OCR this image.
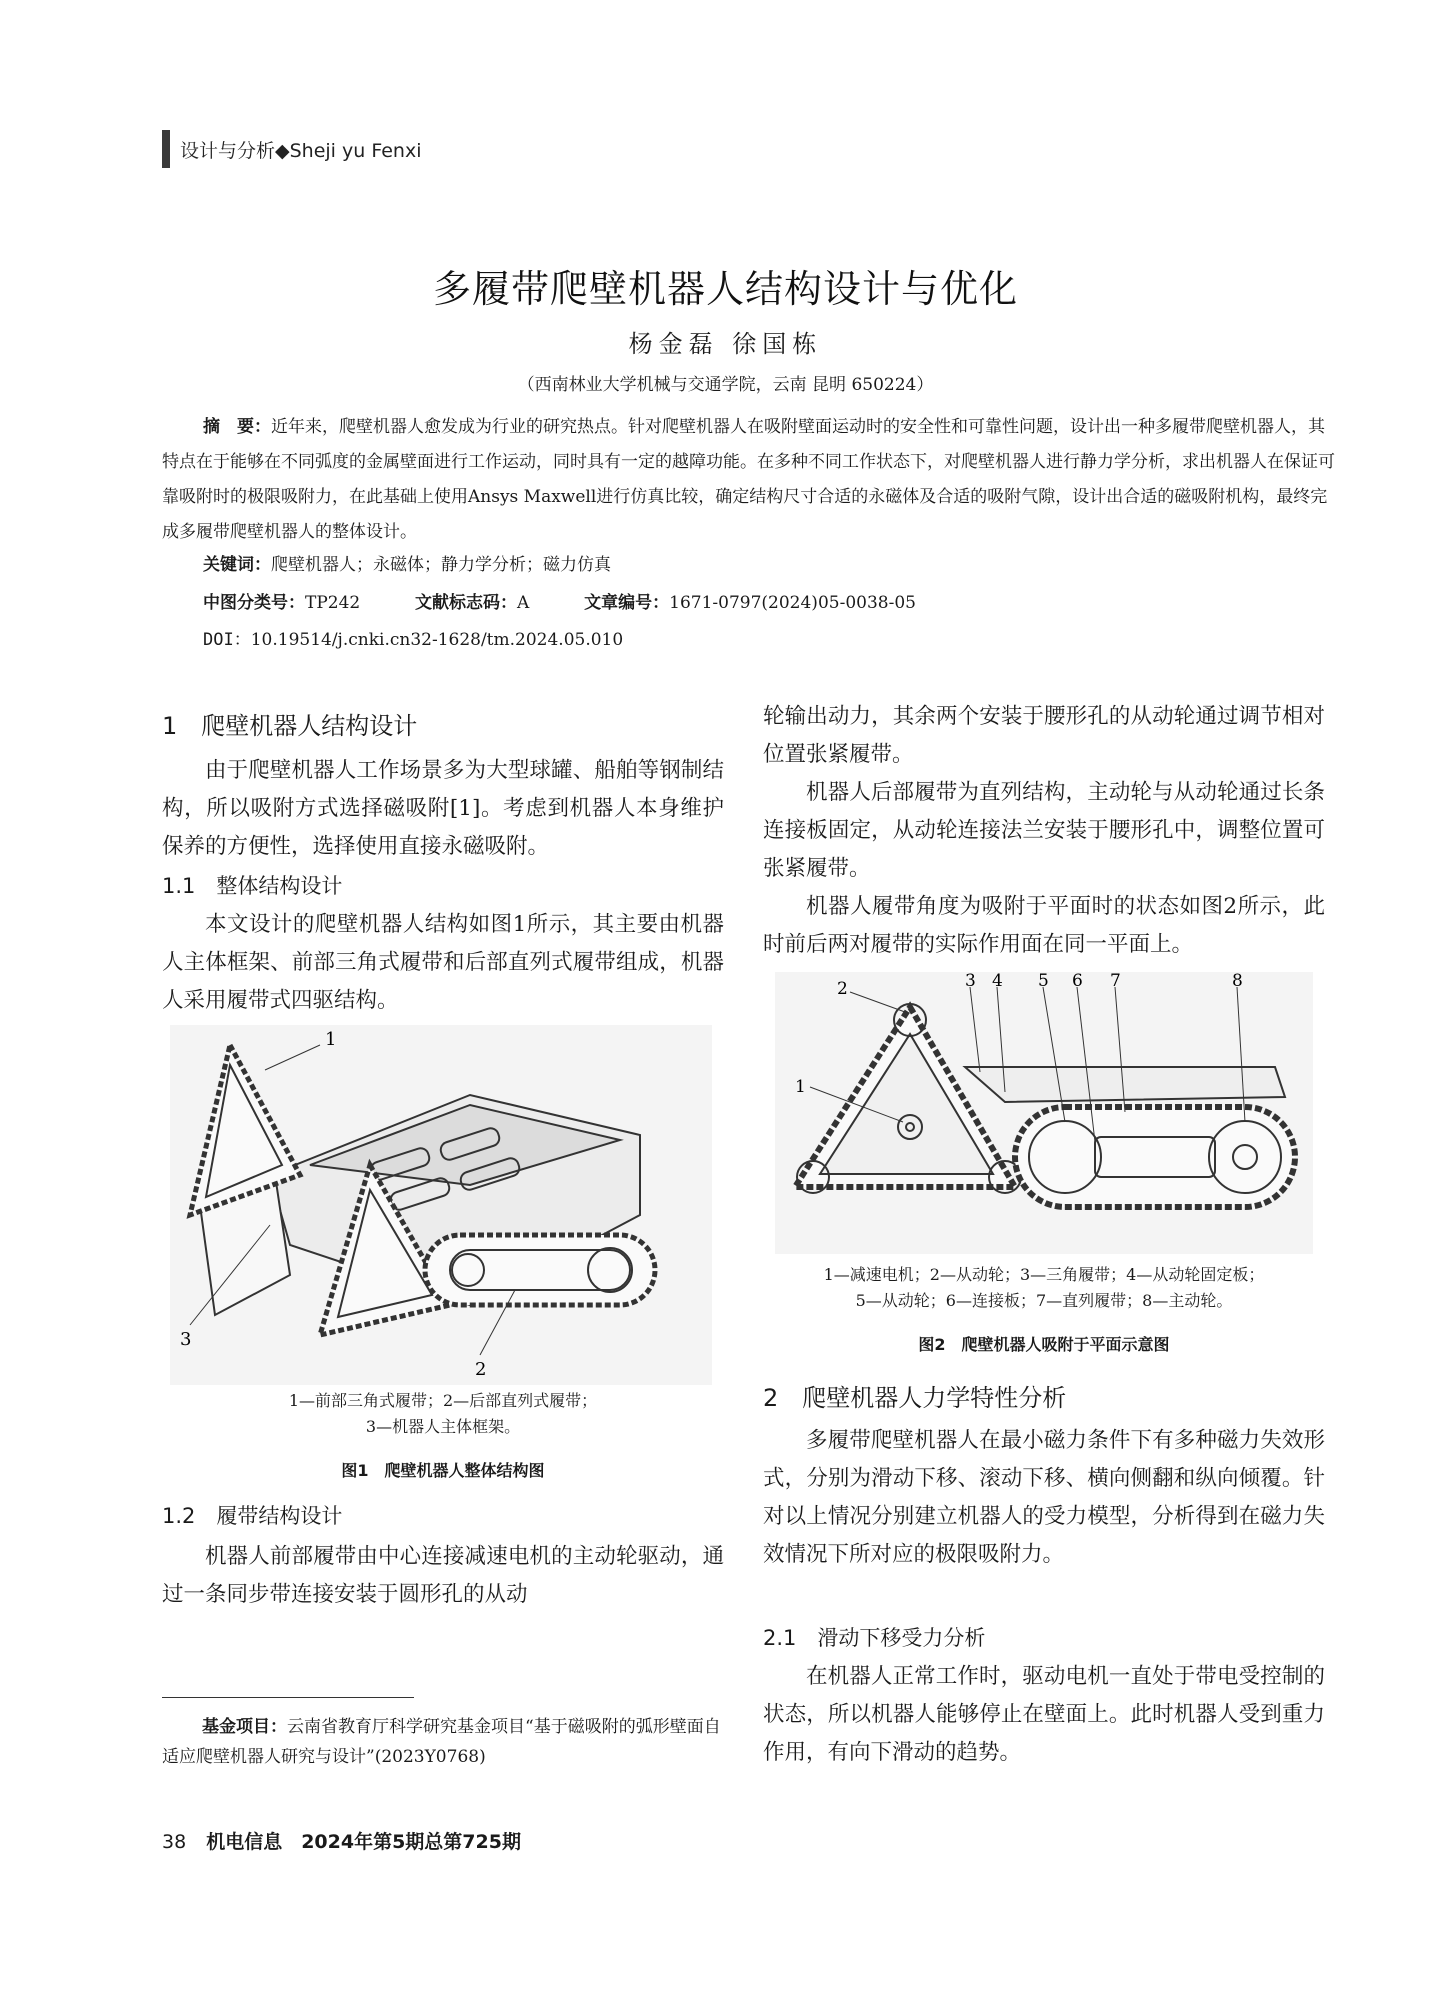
设计与分析◆Sheji yu Fenxi
多履带爬壁机器人结构设计与优化
杨金磊 徐国栋
（西南林业大学机械与交通学院，云南 昆明 650224）
摘　要：近年来，爬壁机器人愈发成为行业的研究热点。针对爬壁机器人在吸附壁面运动时的安全性和可靠性问题，设计出一种多履带爬壁机器人，其特点在于能够在不同弧度的金属壁面进行工作运动，同时具有一定的越障功能。在多种不同工作状态下，对爬壁机器人进行静力学分析，求出机器人在保证可靠吸附时的极限吸附力，在此基础上使用Ansys Maxwell进行仿真比较，确定结构尺寸合适的永磁体及合适的吸附气隙，设计出合适的磁吸附机构，最终完成多履带爬壁机器人的整体设计。
关键词：爬壁机器人；永磁体；静力学分析；磁力仿真
中图分类号：TP242	文献标志码：A	文章编号：1671-0797(2024)05-0038-05
DOI：10.19514/j.cnki.cn32-1628/tm.2024.05.010
1　爬壁机器人结构设计
由于爬壁机器人工作场景多为大型球罐、船舶等钢制结构，所以吸附方式选择磁吸附[1]。考虑到机器人本身维护保养的方便性，选择使用直接永磁吸附。
1.1　整体结构设计
本文设计的爬壁机器人结构如图1所示，其主要由机器人主体框架、前部三角式履带和后部直列式履带组成，机器人采用履带式四驱结构。
1
2
3
1—前部三角式履带；2—后部直列式履带；
3—机器人主体框架。
图1　爬壁机器人整体结构图
1.2　履带结构设计
机器人前部履带由中心连接减速电机的主动轮驱动，通过一条同步带连接安装于圆形孔的从动
基金项目：云南省教育厅科学研究基金项目“基于磁吸附的弧形壁面自适应爬壁机器人研究与设计”(2023Y0768)
38 机电信息　2024年第5期总第725期
轮输出动力，其余两个安装于腰形孔的从动轮通过调节相对位置张紧履带。
机器人后部履带为直列结构，主动轮与从动轮通过长条连接板固定，从动轮连接法兰安装于腰形孔中，调整位置可张紧履带。
机器人履带角度为吸附于平面时的状态如图2所示，此时前后两对履带的实际作用面在同一平面上。
1
2	3 4 5 6 7	8
1—减速电机；2—从动轮；3—三角履带；4—从动轮固定板；
5—从动轮；6—连接板；7—直列履带；8—主动轮。
图2　爬壁机器人吸附于平面示意图
2　爬壁机器人力学特性分析
多履带爬壁机器人在最小磁力条件下有多种磁力失效形式，分别为滑动下移、滚动下移、横向侧翻和纵向倾覆。针对以上情况分别建立机器人的受力模型，分析得到在磁力失效情况下所对应的极限吸附力。
2.1　滑动下移受力分析
在机器人正常工作时，驱动电机一直处于带电受控制的状态，所以机器人能够停止在壁面上。此时机器人受到重力作用，有向下滑动的趋势。
